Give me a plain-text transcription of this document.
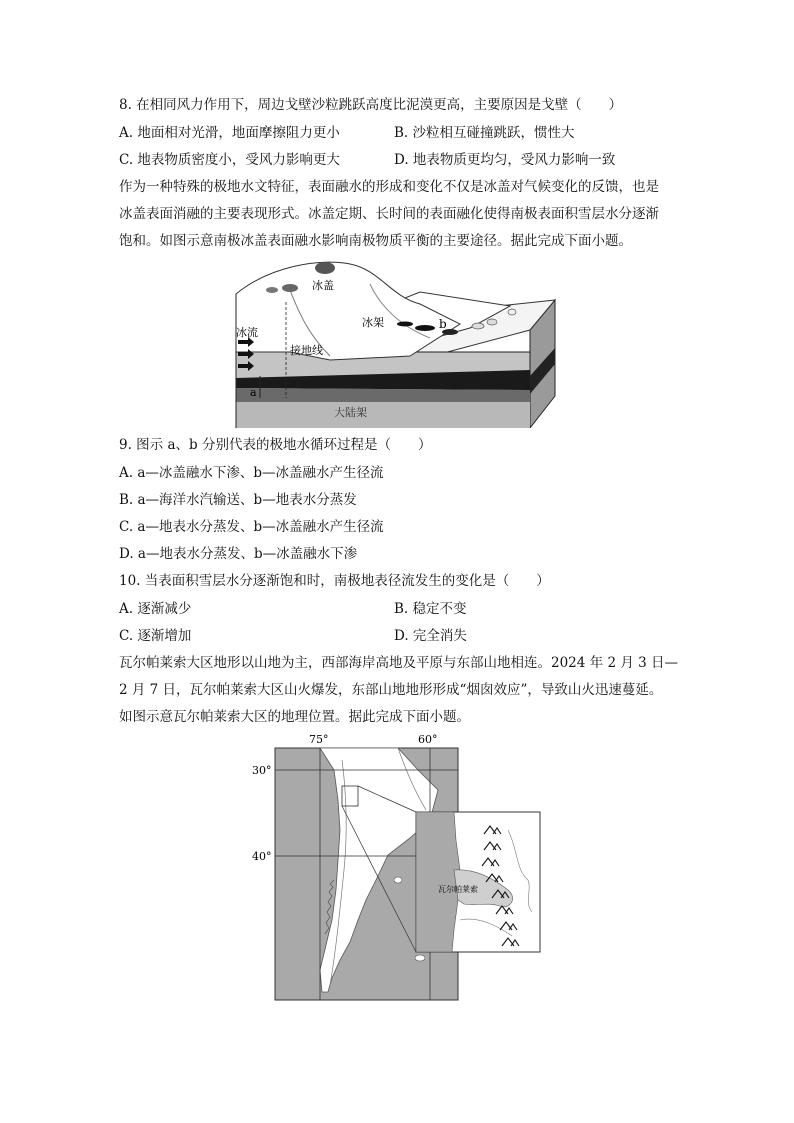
8. 在相同风力作用下，周边戈壁沙粒跳跃高度比泥漠更高，主要原因是戈壁（　　）
A. 地面相对光滑，地面摩擦阻力更小	B. 沙粒相互碰撞跳跃，惯性大
C. 地表物质密度小，受风力影响更大	D. 地表物质更均匀，受风力影响一致
作为一种特殊的极地水文特征，表面融水的形成和变化不仅是冰盖对气候变化的反馈，也是
冰盖表面消融的主要表现形式。冰盖定期、长时间的表面融化使得南极表面积雪层水分逐渐
饱和。如图示意南极冰盖表面融水影响南极物质平衡的主要途径。据此完成下面小题。
冰盖
冰架
冰流
接地线
a
b
大陆架
9. 图示 a、b 分别代表的极地水循环过程是（　　）
A. a—冰盖融水下渗、b—冰盖融水产生径流
B. a—海洋水汽输送、b—地表水分蒸发
C. a—地表水分蒸发、b—冰盖融水产生径流
D. a—地表水分蒸发、b—冰盖融水下渗
10. 当表面积雪层水分逐渐饱和时，南极地表径流发生的变化是（　　）
A. 逐渐减少	B. 稳定不变
C. 逐渐增加	D. 完全消失
瓦尔帕莱索大区地形以山地为主，西部海岸高地及平原与东部山地相连。2024 年 2 月 3 日—
2 月 7 日，瓦尔帕莱索大区山火爆发，东部山地地形形成“烟囱效应”，导致山火迅速蔓延。
如图示意瓦尔帕莱索大区的地理位置。据此完成下面小题。
75°	60°
30°
40°
瓦尔帕莱索
